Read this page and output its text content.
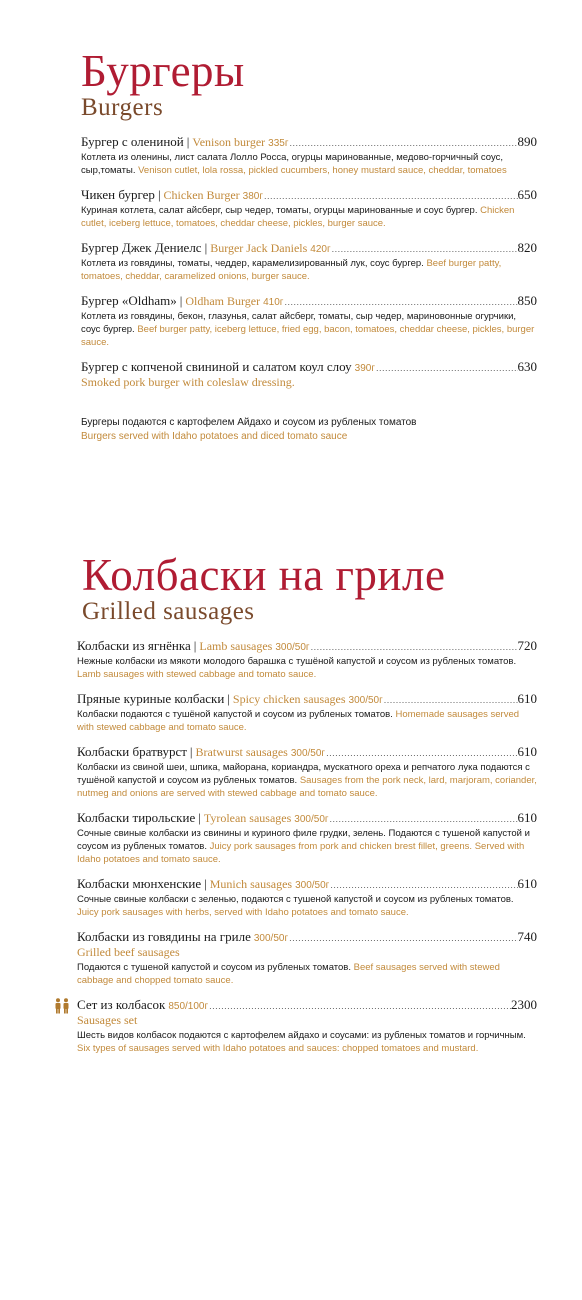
Бургеры
Burgers
Бургер с олениной | Venison burger 335г .....	890
Котлета из оленины, лист салата Лолло Росса, огурцы маринованные, медово-горчичный соус, сыр,томаты. Venison cutlet, lola rossa, pickled cucumbers, honey mustard sauce, cheddar, tomatoes
Чикен бургер | Chicken Burger 380г .....	650
Куриная котлета, салат айсберг, сыр чедер, томаты, огурцы маринованные и соус бургер. Chicken cutlet, iceberg lettuce, tomatoes, cheddar cheese, pickles, burger sauce.
Бургер Джек Дениелс | Burger Jack Daniels 420г .....	820
Котлета из говядины, томаты, чеддер, карамелизированный лук, соус бургер. Beef burger patty, tomatoes, cheddar, caramelized onions, burger sauce.
Бургер «Oldham» | Oldham Burger 410г .....	850
Котлета из говядины, бекон, глазунья, салат айсберг, томаты, сыр чедер, мариновонные огурчики, соус бургер. Beef burger patty, iceberg lettuce, fried egg, bacon, tomatoes, cheddar cheese, pickles, burger sauce.
Бургер с копченой свининой и салатом коул слоу 390г .....	630
Smoked pork burger with coleslaw dressing.
Бургеры подаются с картофелем Айдахо и соусом из рубленых томатов
Burgers served with Idaho potatoes and diced tomato sauce
Колбаски на гриле
Grilled sausages
Колбаски из ягнёнка | Lamb sausages 300/50г .....	720
Нежные колбаски из мякоти молодого барашка с тушёной капустой и соусом из рубленых томатов. Lamb sausages with stewed cabbage and tomato sauce.
Пряные куриные колбаски | Spicy chicken sausages 300/50г .....	610
Колбаски подаются с тушёной капустой и соусом из рубленых томатов. Homemade sausages served with stewed cabbage and tomato sauce.
Колбаски братвурст | Bratwurst sausages 300/50г .....	610
Колбаски из свиной шеи, шпика, майорана, кориандра, мускатного ореха и репчатого лука подаются с тушёной капустой и соусом из рубленых томатов. Sausages from the pork neck, lard, marjoram, coriander, nutmeg and onions are served with stewed cabbage and tomato sauce.
Колбаски тирольские | Tyrolean sausages 300/50г .....	610
Сочные свиные колбаски из свинины и куриного филе грудки, зелень. Подаются с тушеной капустой и соусом из рубленых томатов. Juicy pork sausages from pork and chicken brest fillet, greens. Served with Idaho potatoes and tomato sauce.
Колбаски мюнхенские | Munich sausages 300/50г .....	610
Сочные свиные колбаски с зеленью, подаются с тушеной капустой и соусом из рубленых томатов. Juicy pork sausages with herbs, served with Idaho potatoes and tomato sauce.
Колбаски из говядины на гриле 300/50г .....	740
Grilled beef sausages
Подаются с тушеной капустой и соусом из рубленых томатов. Beef sausages served with stewed cabbage and chopped tomato sauce.
Сет из колбасок 850/100г .....	2300
Sausages set
Шесть видов колбасок подаются с картофелем айдахо и соусами: из рубленых томатов и горчичным. Six types of sausages served with Idaho potatoes and sauces: chopped tomatoes and mustard.
